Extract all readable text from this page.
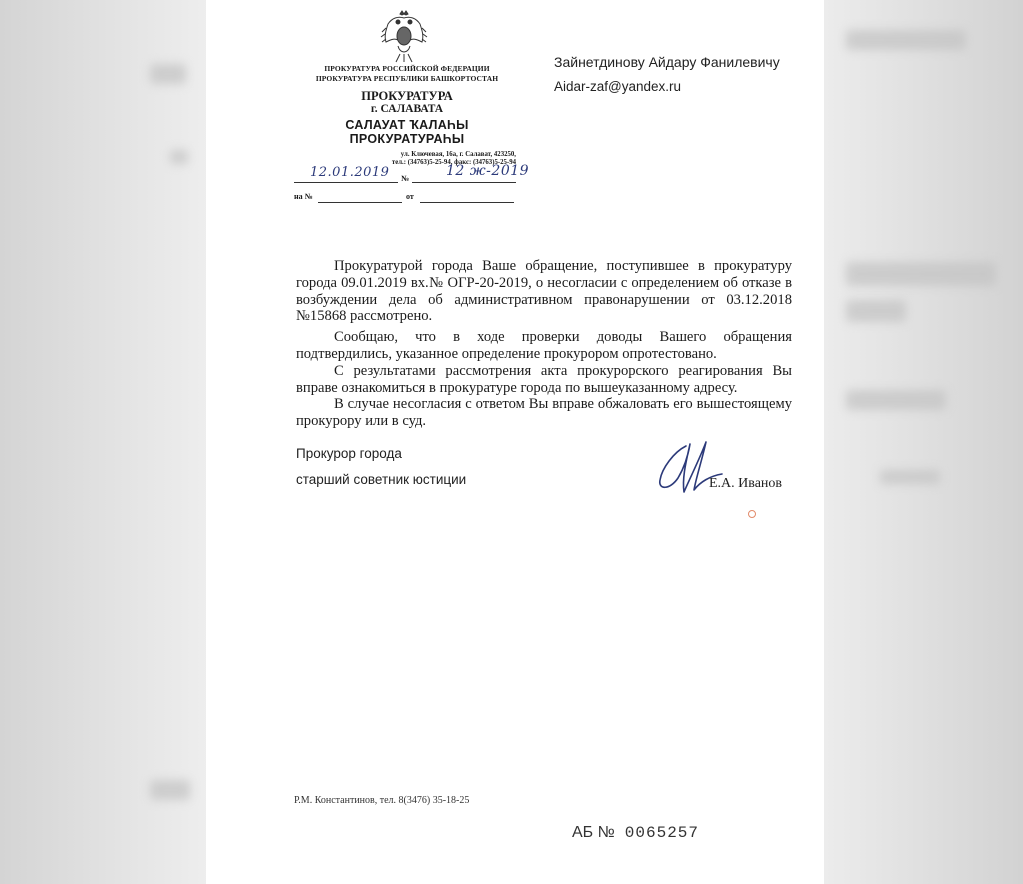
ПРОКУРАТУРА РОССИЙСКОЙ ФЕДЕРАЦИИ
ПРОКУРАТУРА РЕСПУБЛИКИ БАШКОРТОСТАН
ПРОКУРАТУРА
г. САЛАВАТА
САЛАУАТ ҠАЛАҺЫ
ПРОКУРАТУРАҺЫ
ул. Ключевая, 16а, г. Салават, 423250,
тел.: (34763)5-25-94, факс: (34763)5-25-94
12.01.2019 №	12 ж-2019
на №	от
Зайнетдинову Айдару Фанилевичу
Aidar-zaf@yandex.ru

Прокуратурой города Ваше обращение, поступившее в прокуратуру города 09.01.2019 вх.№ ОГР-20-2019, о несогласии с определением об отказе в возбуждении дела об административном правонарушении от 03.12.2018 №15868 рассмотрено.

Сообщаю, что в ходе проверки доводы Вашего обращения подтвердились, указанное определение прокурором опротестовано.

С результатами рассмотрения акта прокурорского реагирования Вы вправе ознакомиться в прокуратуре города по вышеуказанному адресу.

В случае несогласия с ответом Вы вправе обжаловать его вышестоящему прокурору или в суд.

Прокурор города
старший советник юстиции	Е.А. Иванов
Р.М. Константинов, тел. 8(3476) 35-18-25
АБ № 0065257
